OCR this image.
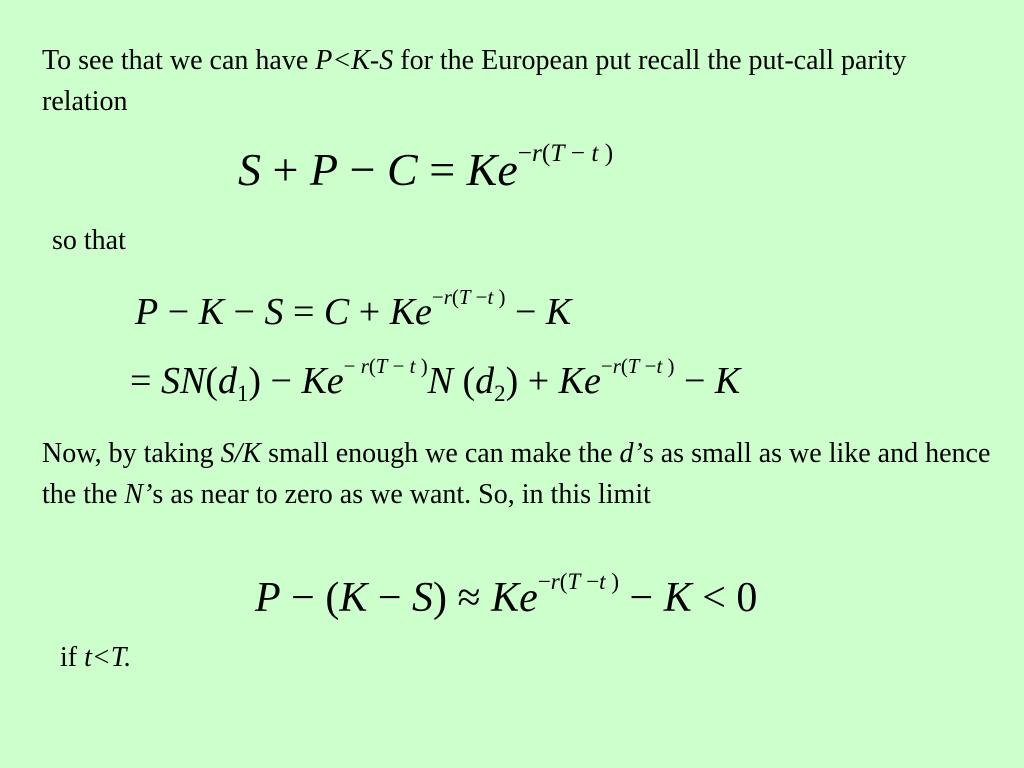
To see that we can have P<K-S for the European put recall the put-call parity relation
$S + P - C = Ke^{-r(T - t )}$
so that
$P - K - S = C + Ke^{-r(T -t )} - K$
= $SN(d_1) - Ke^{- r(T - t )}N$ $(d_2) + Ke^{-r(T -t )} - K$
Now, by taking S/K small enough we can make the d’s as small as we like and hence the the N’s as near to zero as we want. So, in this limit
$P - (K - S) \approx Ke^{-r(T -t )} - K < 0$
if t<T.
